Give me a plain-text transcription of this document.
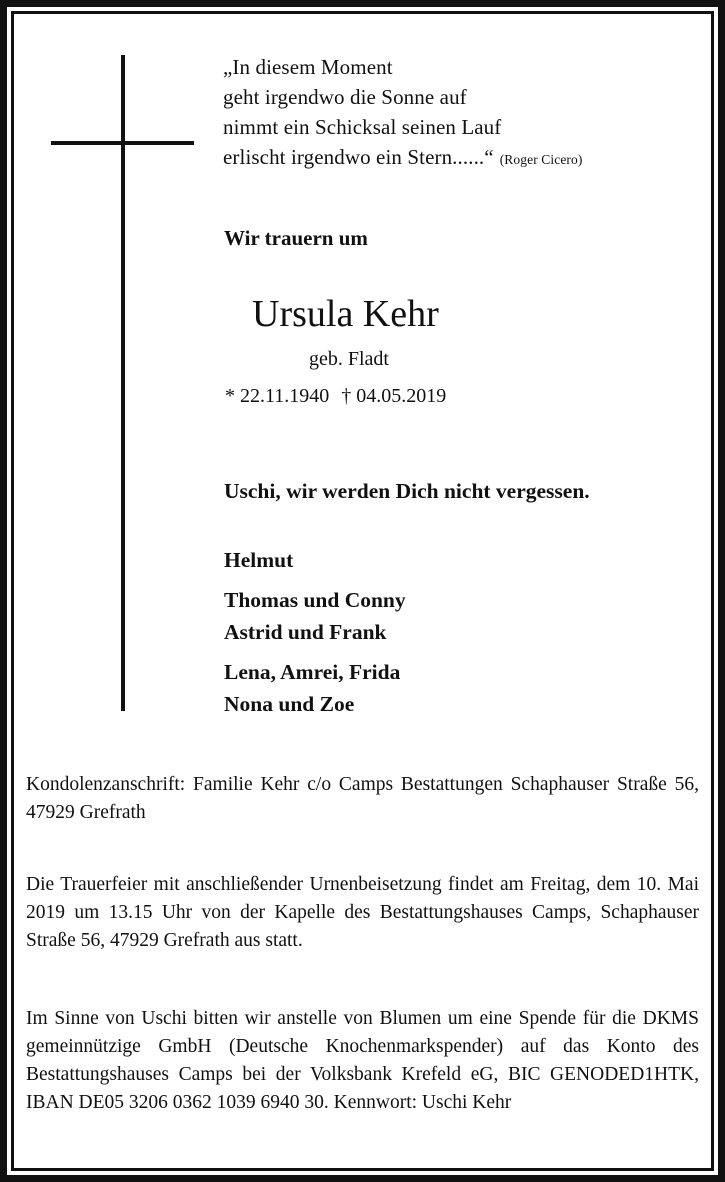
„In diesem Moment
geht irgendwo die Sonne auf
nimmt ein Schicksal seinen Lauf
erlischt irgendwo ein Stern......“ (Roger Cicero)
Wir trauern um
Ursula Kehr
geb. Fladt
* 22.11.1940 † 04.05.2019
Uschi, wir werden Dich nicht vergessen.
Helmut
Thomas und Conny
Astrid und Frank
Lena, Amrei, Frida
Nona und Zoe
Kondolenzanschrift: Familie Kehr c/o Camps Bestattungen Schaphauser Straße 56, 47929 Grefrath
Die Trauerfeier mit anschließender Urnenbeisetzung findet am Freitag, dem 10. Mai 2019 um 13.15 Uhr von der Kapelle des Bestattungshauses Camps, Schaphauser Straße 56, 47929 Grefrath aus statt.
Im Sinne von Uschi bitten wir anstelle von Blumen um eine Spende für die DKMS gemeinnützige GmbH (Deutsche Knochenmarkspender) auf das Konto des Bestattungshauses Camps bei der Volksbank Krefeld eG, BIC GENODED1HTK, IBAN DE05 3206 0362 1039 6940 30. Kennwort: Uschi Kehr
